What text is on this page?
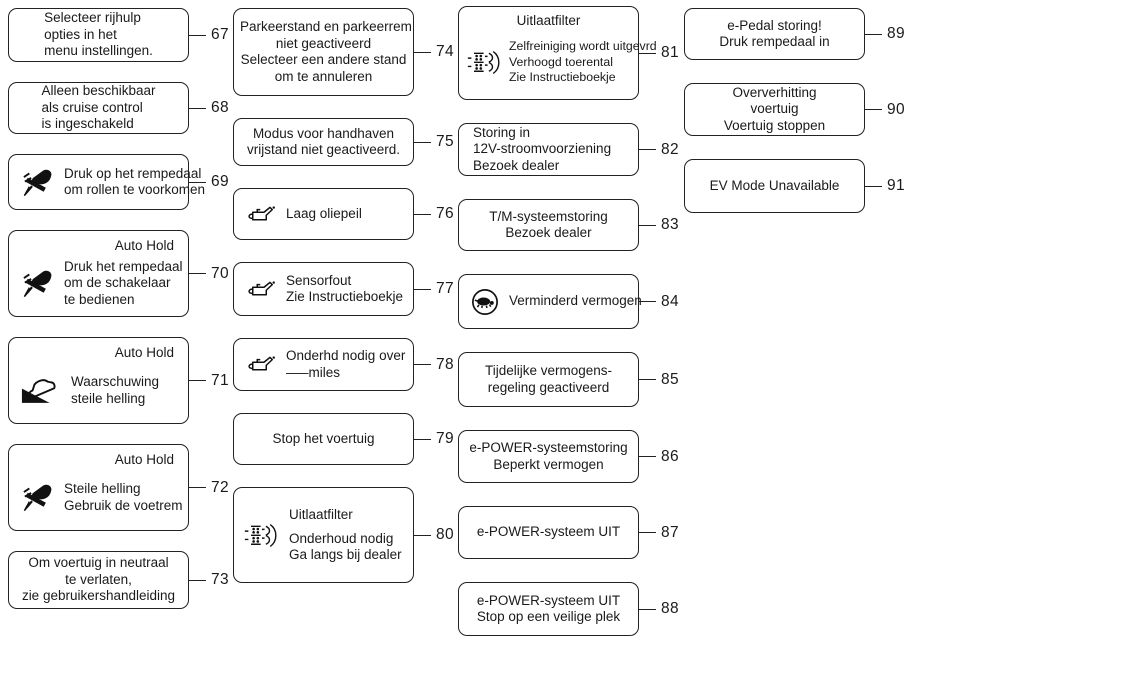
Selecteer rijhulp
opties in het
menu instellingen.
67
Alleen beschikbaar
als cruise control
is ingeschakeld
68
Druk op het rempedaal
om rollen te voorkomen 69
Auto Hold
Druk het rempedaal
om de schakelaar
te bedienen
70
Auto Hold
Waarschuwing
steile helling
71
Auto Hold
Steile helling
Gebruik de voetrem
72
Om voertuig in neutraal
te verlaten,
zie gebruikershandleiding
73
Parkeerstand en parkeerrem
niet geactiveerd
Selecteer een andere stand
om te annuleren
74
Modus voor handhaven
vrijstand niet geactiveerd.	75
Laag oliepeil	76
Sensorfout
Zie Instructieboekje 77
Onderhd nodig over
‒‒‒miles	78
Stop het voertuig	79
Uitlaatfilter
Onderhoud nodig
Ga langs bij dealer
80
Uitlaatfilter
Zelfreiniging wordt uitgevrd
Verhoogd toerental
Zie Instructieboekje
81
Storing in
12V-stroomvoorziening
Bezoek dealer
82
T/M-systeemstoring
Bezoek dealer	83
Verminderd vermogen 84
Tijdelijke vermogens-
regeling geactiveerd	85
e-POWER-systeemstoring
Beperkt vermogen	86
e-POWER-systeem UIT	87
e-POWER-systeem UIT
Stop op een veilige plek	88
e-Pedal storing!
Druk rempedaal in	89
Oververhitting
voertuig
Voertuig stoppen
90
EV Mode Unavailable	91
